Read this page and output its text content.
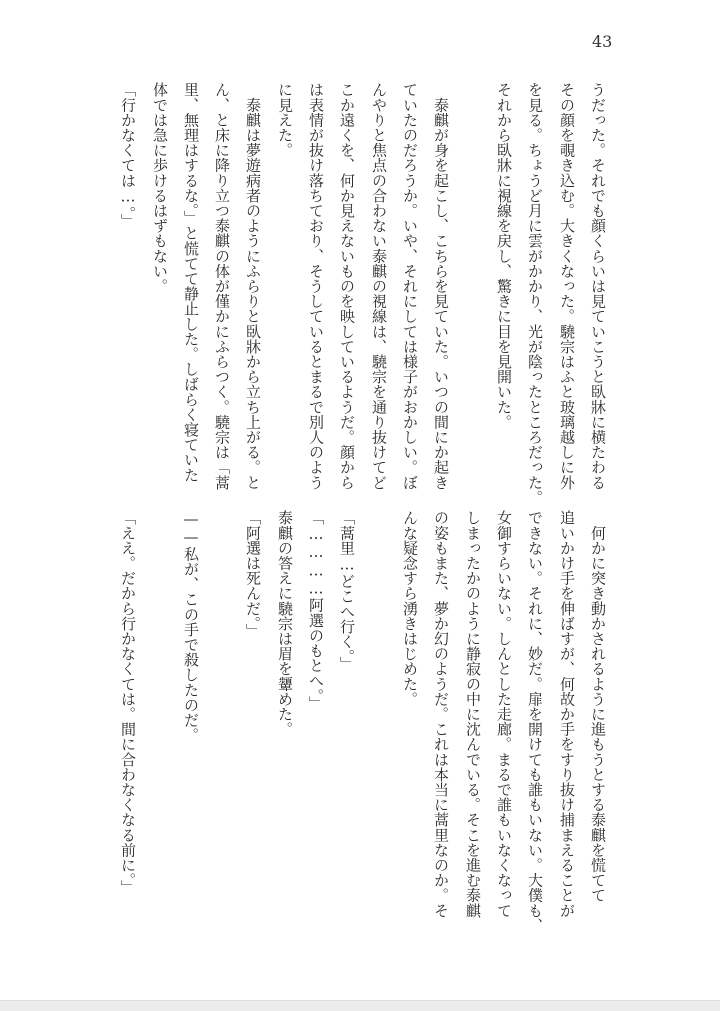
43
うだった。それでも顔くらいは見ていこうと臥牀に横たわる
その顔を覗き込む。大きくなった。驍宗はふと玻璃越しに外
を見る。ちょうど月に雲がかかり、光が陰ったところだった。
それから臥牀に視線を戻し、驚きに目を見開いた。
　泰麒が身を起こし、こちらを見ていた。いつの間にか起き
ていたのだろうか。いや、それにしては様子がおかしい。ぼ
んやりと焦点の合わない泰麒の視線は、驍宗を通り抜けてど
こか遠くを、何か見えないものを映しているようだ。顔から
は表情が抜け落ちており、そうしているとまるで別人のよう
に見えた。
　泰麒は夢遊病者のようにふらりと臥牀から立ち上がる。と
ん、と床に降り立つ泰麒の体が僅かにふらつく。驍宗は「蒿
里、無理はするな。」と慌てて静止した。しばらく寝ていた
体では急に歩けるはずもない。
「行かなくては…。」
　何かに突き動かされるように進もうとする泰麒を慌てて
追いかけ手を伸ばすが、何故か手をすり抜け捕まえることが
できない。それに、妙だ。扉を開けても誰もいない。大僕も、
女御すらいない。しんとした走廊。まるで誰もいなくなって
しまったかのように静寂の中に沈んでいる。そこを進む泰麒
の姿もまた、夢か幻のようだ。これは本当に蒿里なのか。そ
んな疑念すら湧きはじめた。
「蒿里…どこへ行く。」
「…………阿選のもとへ。」
泰麒の答えに驍宗は眉を顰めた。
「阿選は死んだ。」
——私が、この手で殺したのだ。
「ええ。だから行かなくては。間に合わなくなる前に。」
